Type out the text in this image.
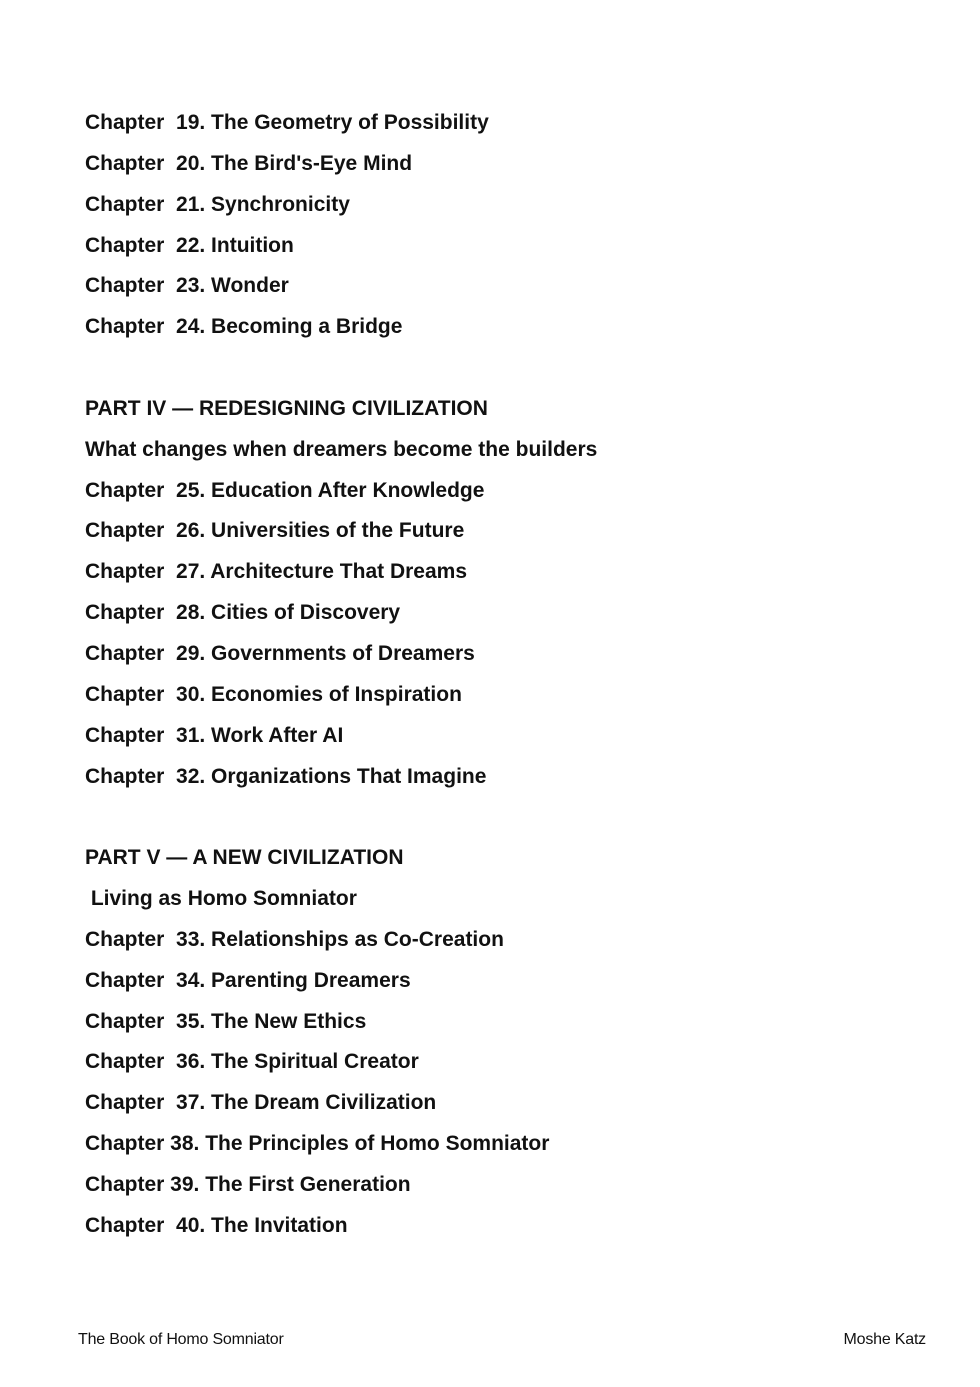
Chapter  19. The Geometry of Possibility

Chapter  20. The Bird's-Eye Mind

Chapter  21. Synchronicity

Chapter  22. Intuition

Chapter  23. Wonder

Chapter  24. Becoming a Bridge

PART IV — REDESIGNING CIVILIZATION

What changes when dreamers become the builders

Chapter  25. Education After Knowledge

Chapter  26. Universities of the Future

Chapter  27. Architecture That Dreams

Chapter  28. Cities of Discovery

Chapter  29. Governments of Dreamers

Chapter  30. Economies of Inspiration

Chapter  31. Work After AI

Chapter  32. Organizations That Imagine

PART V — A NEW CIVILIZATION

Living as Homo Somniator

Chapter  33. Relationships as Co-Creation

Chapter  34. Parenting Dreamers

Chapter  35. The New Ethics

Chapter  36. The Spiritual Creator

Chapter  37. The Dream Civilization

Chapter 38. The Principles of Homo Somniator

Chapter 39. The First Generation

Chapter  40. The Invitation

The Book of Homo Somniator	Moshe Katz
